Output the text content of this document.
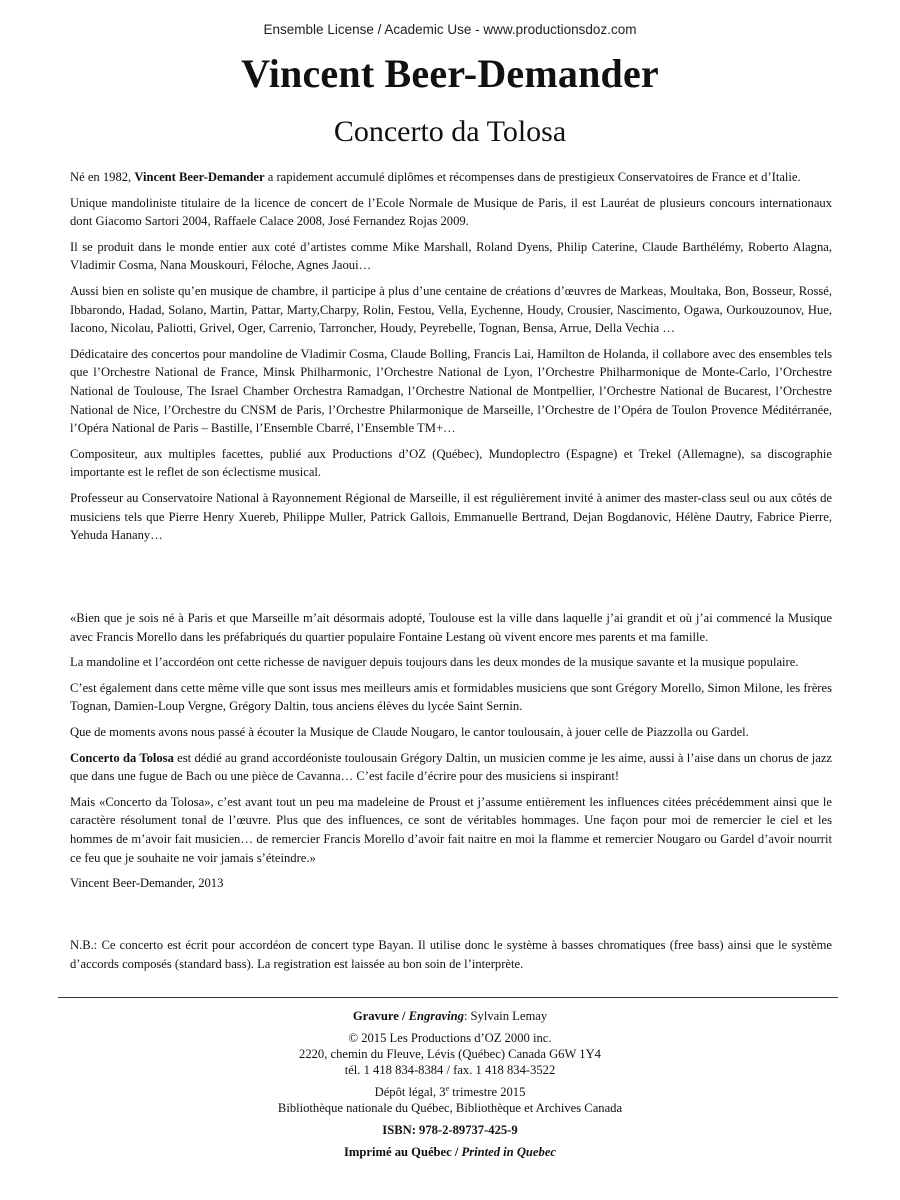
Ensemble License / Academic Use - www.productionsdoz.com
Vincent Beer-Demander
Concerto da Tolosa

Né en 1982, Vincent Beer-Demander a rapidement accumulé diplômes et récompenses dans de prestigieux Conservatoires de France et d’Italie.

Unique mandoliniste titulaire de la licence de concert de l’Ecole Normale de Musique de Paris, il est Lauréat de plusieurs concours internationaux dont Giacomo Sartori 2004, Raffaele Calace 2008, José Fernandez Rojas 2009.

Il se produit dans le monde entier aux coté d’artistes comme Mike Marshall, Roland Dyens, Philip Caterine, Claude Barthélémy, Roberto Alagna, Vladimir Cosma, Nana Mouskouri, Féloche, Agnes Jaoui…

Aussi bien en soliste qu’en musique de chambre, il participe à plus d’une centaine de créations d’œuvres de Markeas, Moultaka, Bon, Bosseur, Rossé, Ibbarondo, Hadad, Solano, Martin, Pattar, Marty,Charpy, Rolin, Festou, Vella, Eychenne, Houdy, Crousier, Nascimento, Ogawa, Ourkouzounov, Hue, Iacono, Nicolau, Paliotti, Grivel, Oger, Carrenio, Tarroncher, Houdy, Peyrebelle, Tognan, Bensa, Arrue, Della Vechia …

Dédicataire des concertos pour mandoline de Vladimir Cosma, Claude Bolling, Francis Lai, Hamilton de Holanda, il collabore avec des ensembles tels que l’Orchestre National de France, Minsk Philharmonic, l’Orchestre National de Lyon, l’Orchestre Philharmonique de Monte-Carlo, l’Orchestre National de Toulouse, The Israel Chamber Orchestra Ramadgan, l’Orchestre National de Montpellier, l’Orchestre National de Bucarest, l’Orchestre National de Nice, l’Orchestre du CNSM de Paris, l’Orchestre Philarmonique de Marseille, l’Orchestre de l’Opéra de Toulon Provence Méditérranée, l’Opéra National de Paris – Bastille, l’Ensemble Cbarré, l’Ensemble TM+…

Compositeur, aux multiples facettes, publié aux Productions d’OZ (Québec), Mundoplectro (Espagne) et Trekel (Allemagne), sa discographie importante est le reflet de son éclectisme musical.

Professeur au Conservatoire National à Rayonnement Régional de Marseille, il est régulièrement invité à animer des master-class seul ou aux côtés de musiciens tels que Pierre Henry Xuereb, Philippe Muller, Patrick Gallois, Emmanuelle Bertrand, Dejan Bogdanovic, Hélène Dautry, Fabrice Pierre, Yehuda Hanany…

«Bien que je sois né à Paris et que Marseille m’ait désormais adopté, Toulouse est la ville dans laquelle j’ai grandit et où j’ai commencé la Musique avec Francis Morello dans les préfabriqués du quartier populaire Fontaine Lestang où vivent encore mes parents et ma famille.

La mandoline et l’accordéon ont cette richesse de naviguer depuis toujours dans les deux mondes de la musique savante et la musique populaire.

C’est également dans cette même ville que sont issus mes meilleurs amis et formidables musiciens que sont Grégory Morello, Simon Milone, les frères Tognan, Damien-Loup Vergne, Grégory Daltin, tous anciens élèves du lycée Saint Sernin.

Que de moments avons nous passé à écouter la Musique de Claude Nougaro, le cantor toulousain, à jouer celle de Piazzolla ou Gardel.

Concerto da Tolosa est dédié au grand accordéoniste toulousain Grégory Daltin, un musicien comme je les aime, aussi à l’aise dans un chorus de jazz que dans une fugue de Bach ou une pièce de Cavanna… C’est facile d’écrire pour des musiciens si inspirant!

Mais «Concerto da Tolosa», c’est avant tout un peu ma madeleine de Proust et j’assume entièrement les influences citées précédemment ainsi que le caractère résolument tonal de l’œuvre. Plus que des influences, ce sont de véritables hommages. Une façon pour moi de remercier le ciel et les hommes de m’avoir fait musicien… de remercier Francis Morello d’avoir fait naitre en moi la flamme et remercier Nougaro ou Gardel d’avoir nourrit ce feu que je souhaite ne voir jamais s’éteindre.»

Vincent Beer-Demander, 2013

N.B.: Ce concerto est écrit pour accordéon de concert type Bayan. Il utilise donc le système à basses chromatiques (free bass) ainsi que le système d’accords composés (standard bass). La registration est laissée au bon soin de l’interprète.
Gravure / Engraving: Sylvain Lemay
© 2015 Les Productions d’OZ 2000 inc.
2220, chemin du Fleuve, Lévis (Québec) Canada G6W 1Y4
tél. 1 418 834-8384 / fax. 1 418 834-3522
Dépôt légal, 3e trimestre 2015
Bibliothèque nationale du Québec, Bibliothèque et Archives Canada
ISBN: 978-2-89737-425-9
Imprimé au Québec / Printed in Quebec
